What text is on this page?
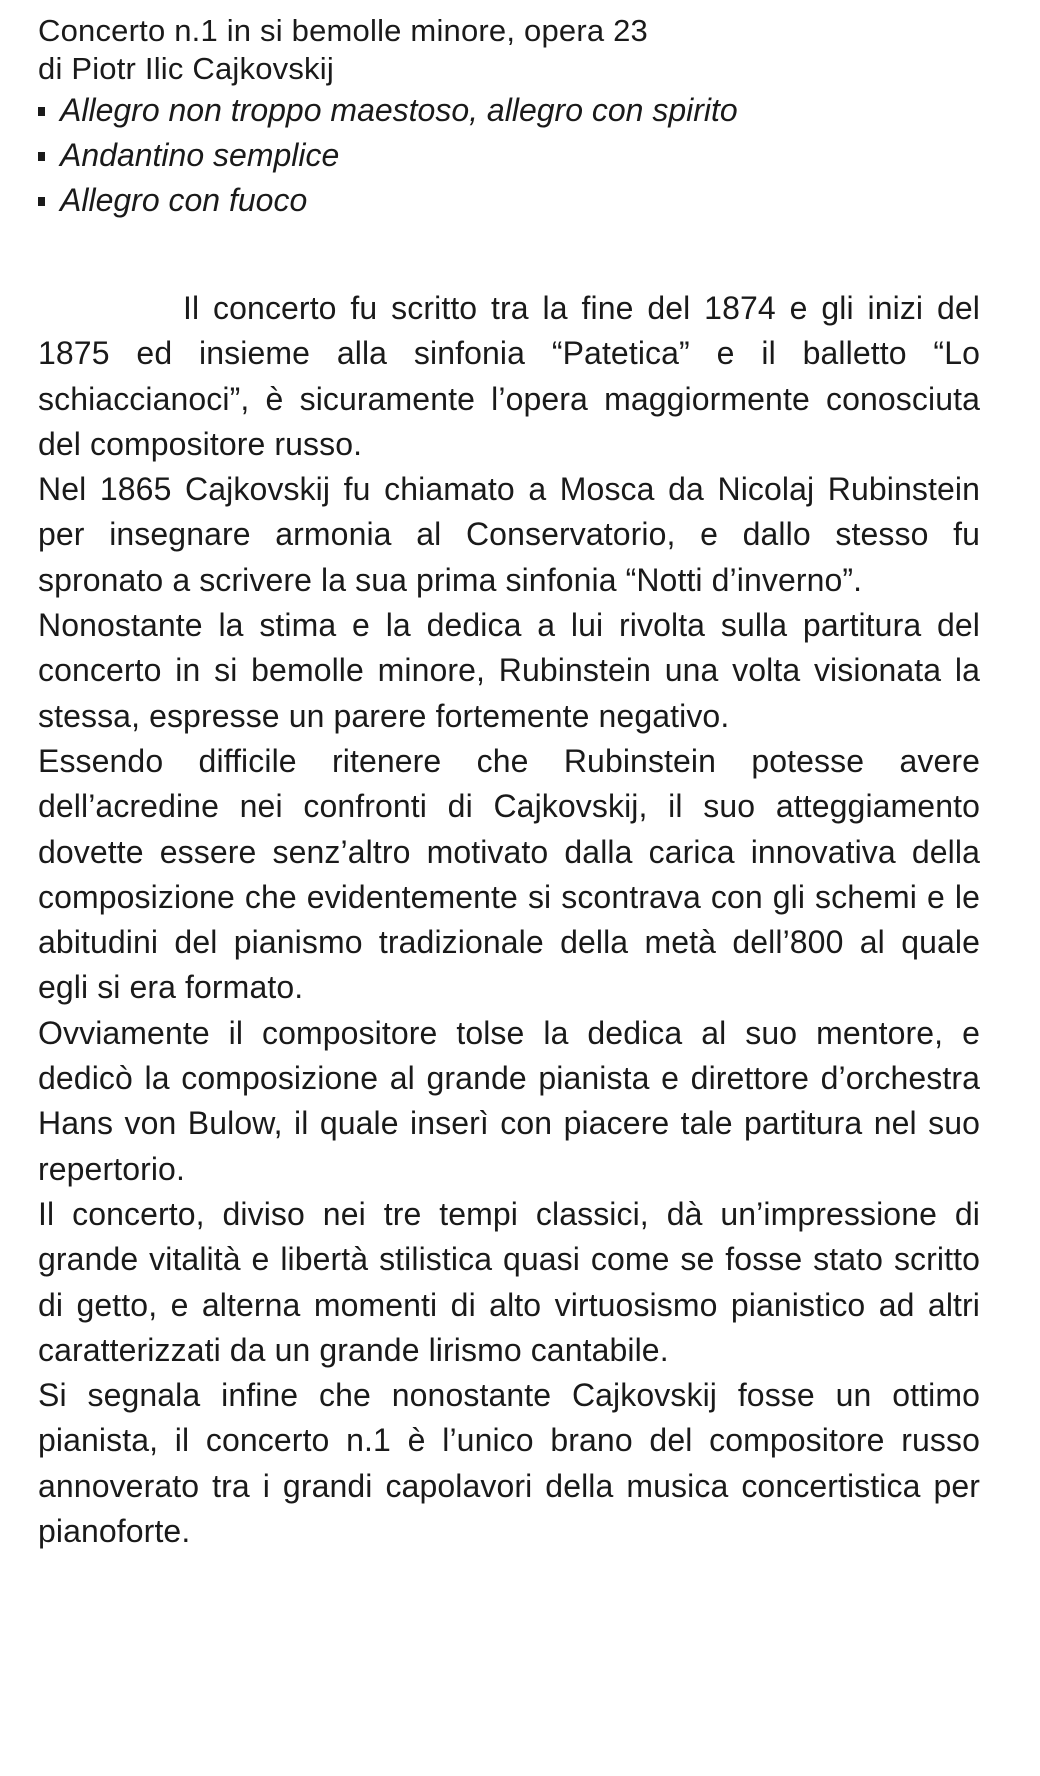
Concerto n.1 in si bemolle minore, opera 23

di Piotr Ilic Cajkovskij

Allegro non troppo maestoso, allegro con spirito
Andantino semplice
Allegro con fuoco

Il concerto fu scritto tra la fine del 1874 e gli inizi del 1875 ed insieme alla sinfonia “Patetica” e il balletto “Lo schiaccianoci”, è sicuramente l’opera maggiormente conosciuta del compositore russo.

Nel 1865 Cajkovskij fu chiamato a Mosca da Nicolaj Rubinstein per insegnare armonia al Conservatorio, e dallo stesso fu spronato a scrivere la sua prima sinfonia “Notti d’inverno”.

Nonostante la stima e la dedica a lui rivolta sulla partitura del concerto in si bemolle minore, Rubinstein una volta visionata la stessa, espresse un parere fortemente negativo.

Essendo difficile ritenere che Rubinstein potesse avere dell’acredine nei confronti di Cajkovskij, il suo atteggiamento dovette essere senz’altro motivato dalla carica innovativa della composizione che evidentemente si scontrava con gli schemi e le abitudini del pianismo tradizionale della metà dell’800 al quale egli si era formato.

Ovviamente il compositore tolse la dedica al suo mentore, e dedicò la composizione al grande pianista e direttore d’orchestra Hans von Bulow, il quale inserì con piacere tale partitura nel suo repertorio.

Il concerto, diviso nei tre tempi classici, dà un’impressione di grande vitalità e libertà stilistica quasi come se fosse stato scritto di getto, e alterna momenti di alto virtuosismo pianistico ad altri caratterizzati da un grande lirismo cantabile.

Si segnala infine che nonostante Cajkovskij fosse un ottimo pianista, il concerto n.1 è l’unico brano del compositore russo annoverato tra i grandi capolavori della musica concertistica per pianoforte.
